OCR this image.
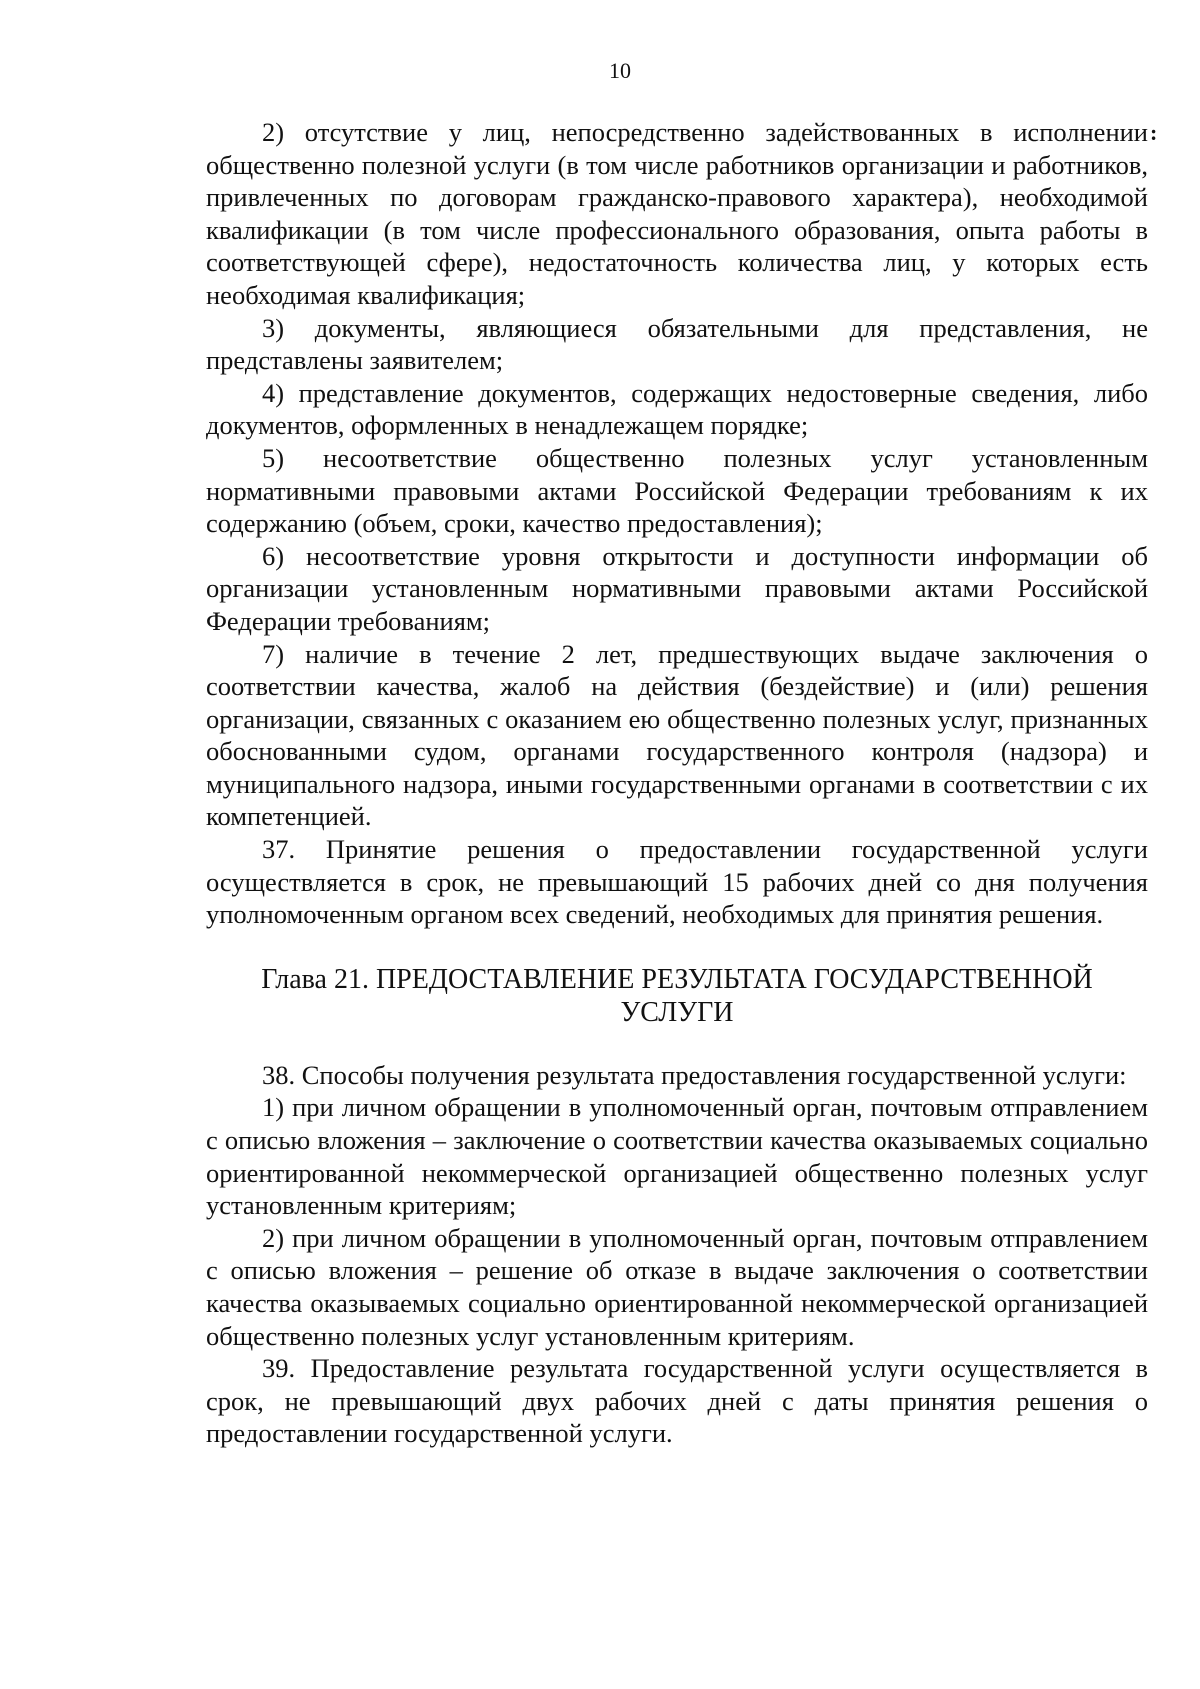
10
:

2) отсутствие у лиц, непосредственно задействованных в исполнении общественно полезной услуги (в том числе работников организации и работников, привлеченных по договорам гражданско-правового характера), необходимой квалификации (в том числе профессионального образования, опыта работы в соответствующей сфере), недостаточность количества лиц, у которых есть необходимая квалификация;

3) документы, являющиеся обязательными для представления, не представлены заявителем;

4) представление документов, содержащих недостоверные сведения, либо документов, оформленных в ненадлежащем порядке;

5) несоответствие общественно полезных услуг установленным нормативными правовыми актами Российской Федерации требованиям к их содержанию (объем, сроки, качество предоставления);

6) несоответствие уровня открытости и доступности информации об организации установленным нормативными правовыми актами Российской Федерации требованиям;

7) наличие в течение 2 лет, предшествующих выдаче заключения о соответствии качества, жалоб на действия (бездействие) и (или) решения организации, связанных с оказанием ею общественно полезных услуг, признанных обоснованными судом, органами государственного контроля (надзора) и муниципального надзора, иными государственными органами в соответствии с их компетенцией.

37. Принятие решения о предоставлении государственной услуги осуществляется в срок, не превышающий 15 рабочих дней со дня получения уполномоченным органом всех сведений, необходимых для принятия решения.

Глава 21. ПРЕДОСТАВЛЕНИЕ РЕЗУЛЬТАТА ГОСУДАРСТВЕННОЙ УСЛУГИ

38. Способы получения результата предоставления государственной услуги:

1) при личном обращении в уполномоченный орган, почтовым отправлением с описью вложения – заключение о соответствии качества оказываемых социально ориентированной некоммерческой организацией общественно полезных услуг установленным критериям;

2) при личном обращении в уполномоченный орган, почтовым отправлением с описью вложения – решение об отказе в выдаче заключения о соответствии качества оказываемых социально ориентированной некоммерческой организацией общественно полезных услуг установленным критериям.

39. Предоставление результата государственной услуги осуществляется в срок, не превышающий двух рабочих дней с даты принятия решения о предоставлении государственной услуги.
